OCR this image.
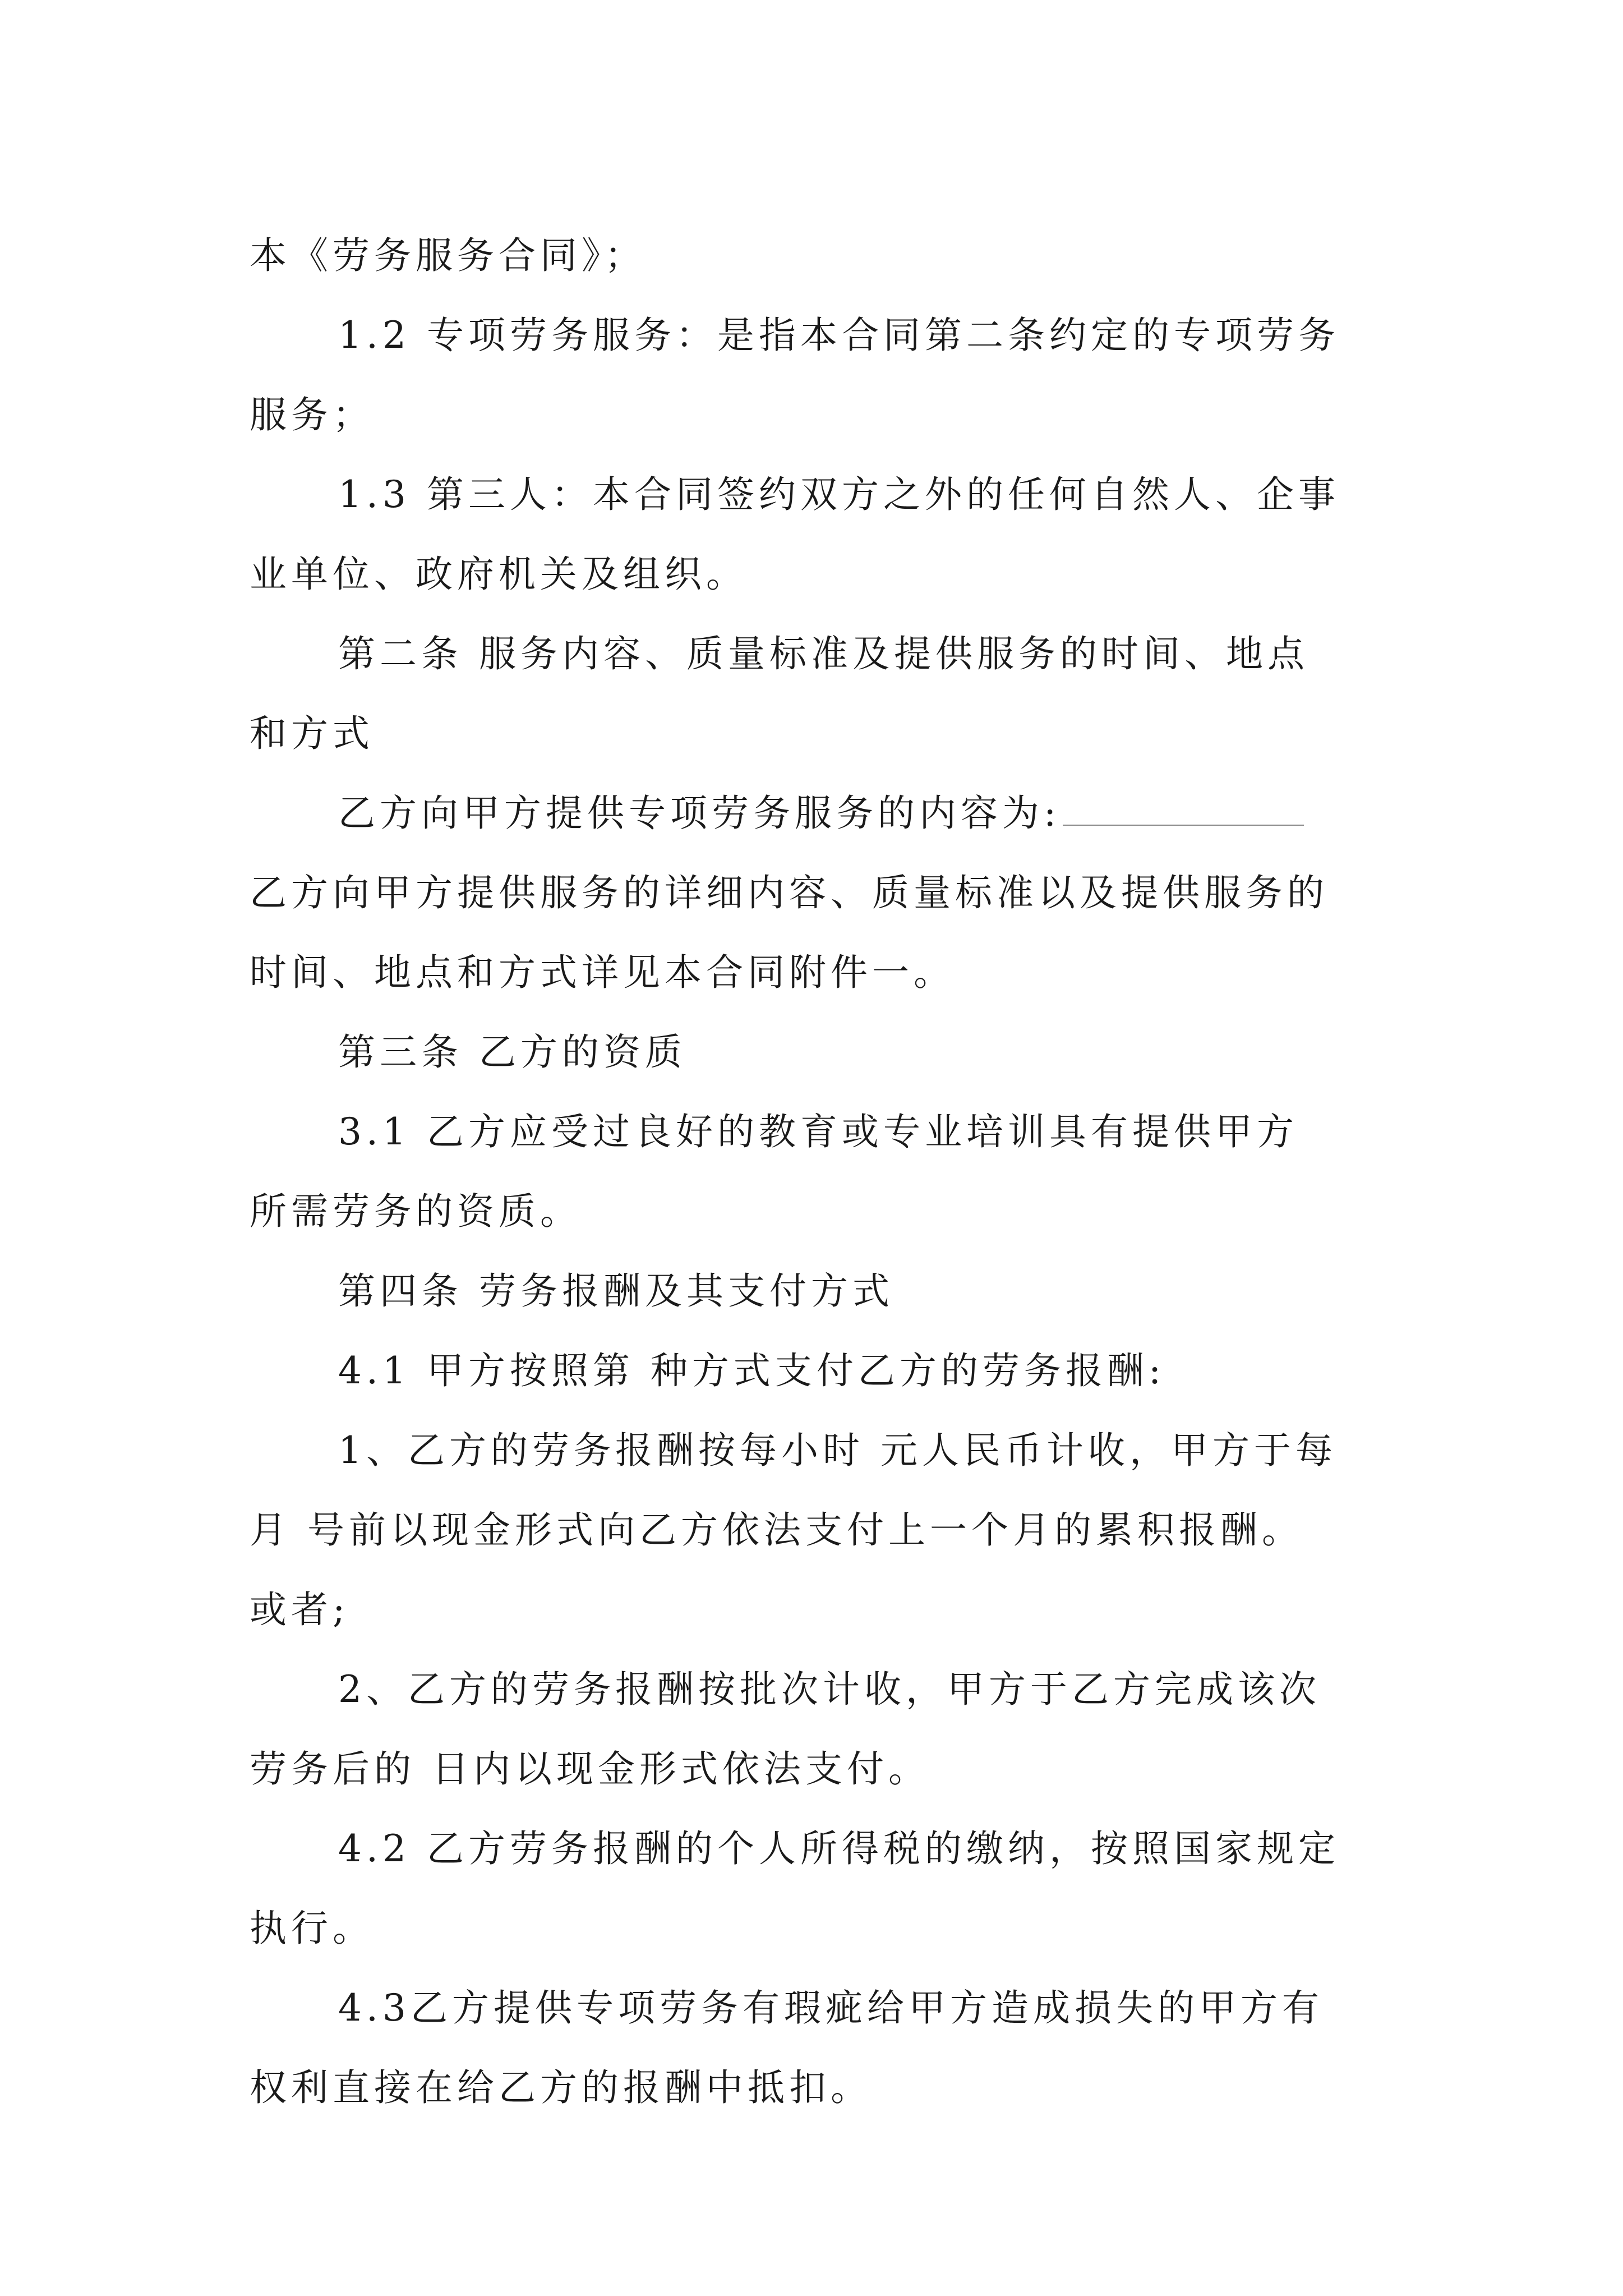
本《劳务服务合同》；

1.2 专项劳务服务：是指本合同第二条约定的专项劳务

服务；

1.3 第三人：本合同签约双方之外的任何自然人、企事

业单位、政府机关及组织。

第二条 服务内容、质量标准及提供服务的时间、地点

和方式

乙方向甲方提供专项劳务服务的内容为:

乙方向甲方提供服务的详细内容、质量标准以及提供服务的

时间、地点和方式详见本合同附件一。

第三条 乙方的资质

3.1 乙方应受过良好的教育或专业培训具有提供甲方

所需劳务的资质。

第四条 劳务报酬及其支付方式

4.1 甲方按照第 种方式支付乙方的劳务报酬:

1、乙方的劳务报酬按每小时 元人民币计收，甲方于每

月 号前以现金形式向乙方依法支付上一个月的累积报酬。

或者;

2、乙方的劳务报酬按批次计收，甲方于乙方完成该次

劳务后的 日内以现金形式依法支付。

4.2 乙方劳务报酬的个人所得税的缴纳，按照国家规定

执行。

4.3乙方提供专项劳务有瑕疵给甲方造成损失的甲方有

权利直接在给乙方的报酬中抵扣。
